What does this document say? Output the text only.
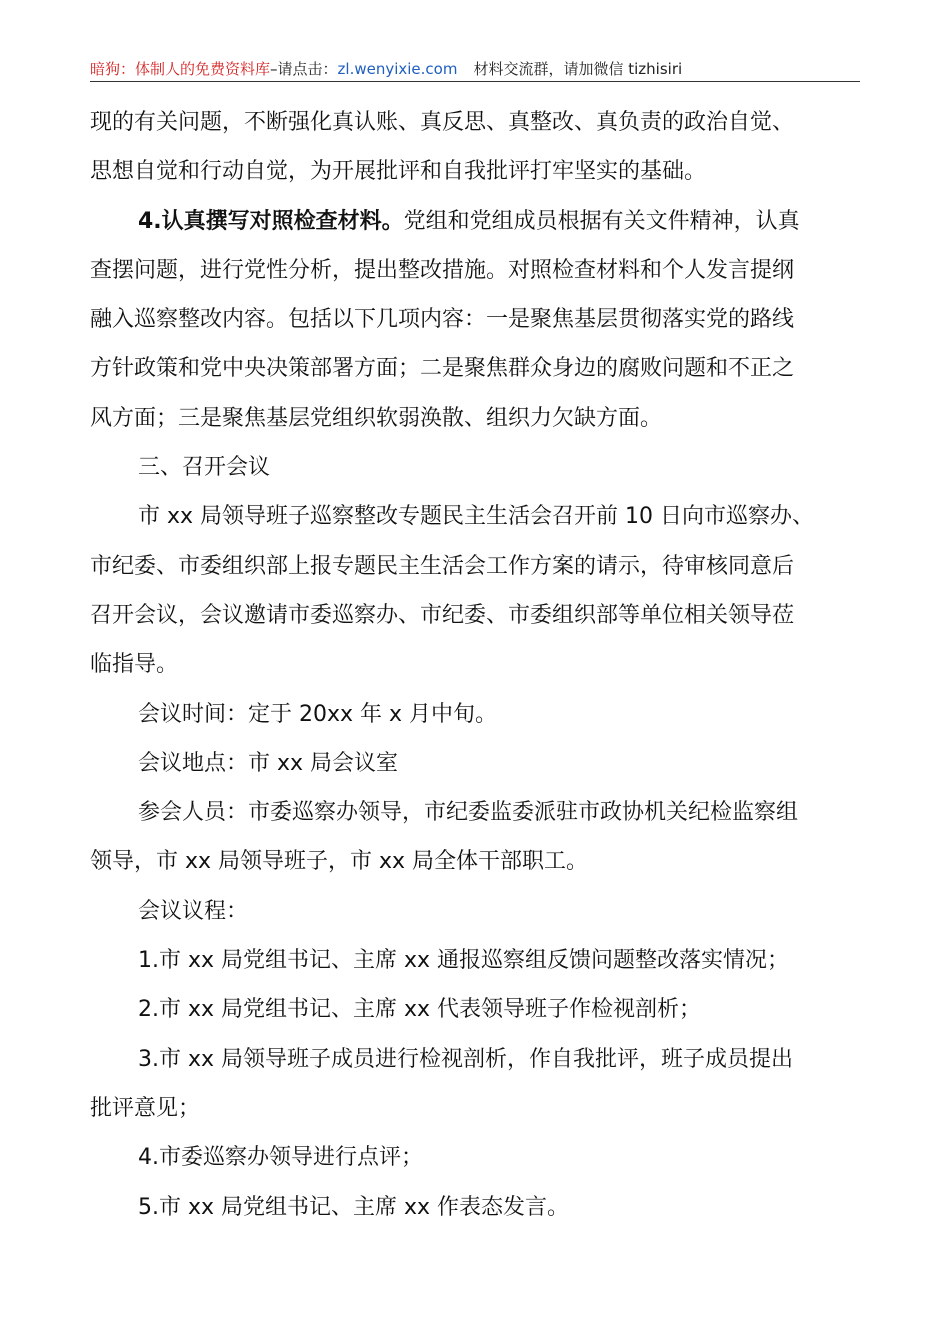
暗狗：体制人的免费资料库–请点击：zl.wenyixie.com 材料交流群，请加微信 tizhisiri

现的有关问题，不断强化真认账、真反思、真整改、真负责的政治自觉、

思想自觉和行动自觉，为开展批评和自我批评打牢坚实的基础。

4.认真撰写对照检查材料。党组和党组成员根据有关文件精神，认真

查摆问题，进行党性分析，提出整改措施。对照检查材料和个人发言提纲

融入巡察整改内容。包括以下几项内容：一是聚焦基层贯彻落实党的路线

方针政策和党中央决策部署方面；二是聚焦群众身边的腐败问题和不正之

风方面；三是聚焦基层党组织软弱涣散、组织力欠缺方面。

三、召开会议

市 xx 局领导班子巡察整改专题民主生活会召开前 10 日向市巡察办、

市纪委、市委组织部上报专题民主生活会工作方案的请示，待审核同意后

召开会议，会议邀请市委巡察办、市纪委、市委组织部等单位相关领导莅

临指导。

会议时间：定于 20xx 年 x 月中旬。

会议地点：市 xx 局会议室

参会人员：市委巡察办领导，市纪委监委派驻市政协机关纪检监察组

领导，市 xx 局领导班子，市 xx 局全体干部职工。

会议议程：

1.市 xx 局党组书记、主席 xx 通报巡察组反馈问题整改落实情况；

2.市 xx 局党组书记、主席 xx 代表领导班子作检视剖析；

3.市 xx 局领导班子成员进行检视剖析，作自我批评，班子成员提出

批评意见；

4.市委巡察办领导进行点评；

5.市 xx 局党组书记、主席 xx 作表态发言。
